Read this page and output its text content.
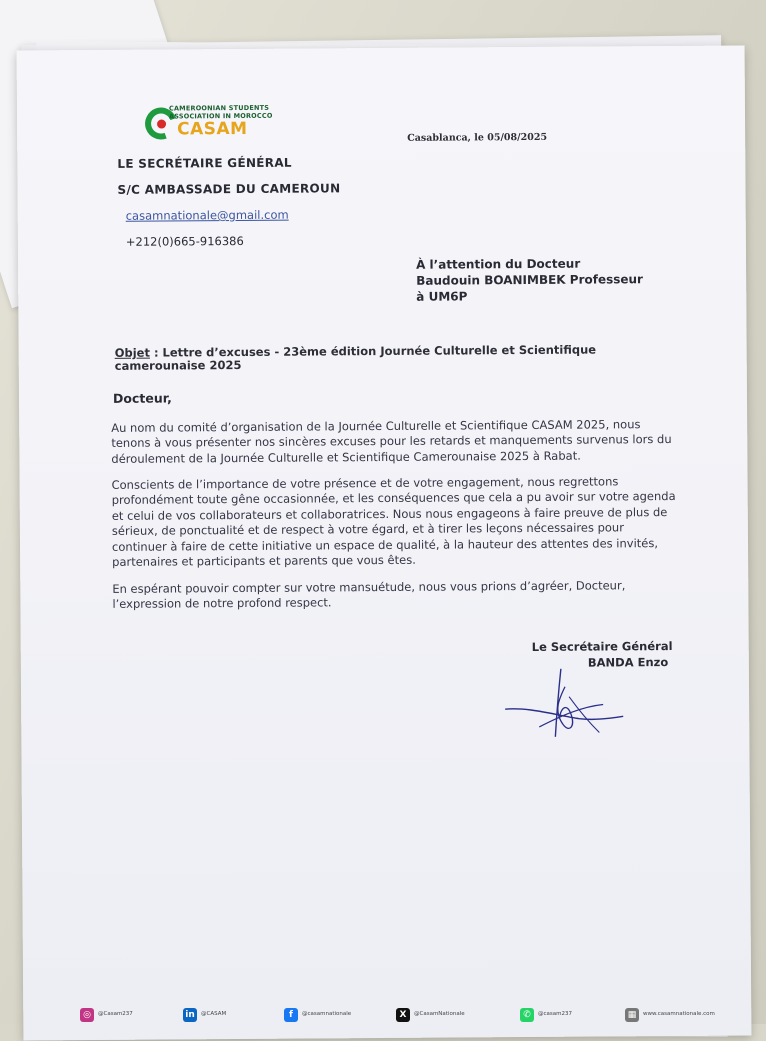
CAMEROONIAN STUDENTS
ASSOCIATION IN MOROCCO
CASAM	Casablanca, le 05/08/2025
LE SECRÉTAIRE GÉNÉRAL
S/C AMBASSADE DU CAMEROUN
casamnationale@gmail.com
+212(0)665-916386
À l’attention du Docteur
Baudouin BOANIMBEK Professeur
à UM6P
Objet : Lettre d’excuses - 23ème édition Journée Culturelle et Scientifique camerounaise 2025
Docteur,
Au nom du comité d’organisation de la Journée Culturelle et Scientifique CASAM 2025, nous tenons à vous présenter nos sincères excuses pour les retards et manquements survenus lors du déroulement de la Journée Culturelle et Scientifique Camerounaise 2025 à Rabat.
Conscients de l’importance de votre présence et de votre engagement, nous regrettons profondément toute gêne occasionnée, et les conséquences que cela a pu avoir sur votre agenda et celui de vos collaborateurs et collaboratrices. Nous nous engageons à faire preuve de plus de sérieux, de ponctualité et de respect à votre égard, et à tirer les leçons nécessaires pour continuer à faire de cette initiative un espace de qualité, à la hauteur des attentes des invités, partenaires et participants et parents que vous êtes.
En espérant pouvoir compter sur votre mansuétude, nous vous prions d’agréer, Docteur, l’expression de notre profond respect.
Le Secrétaire Général
BANDA Enzo
◎	@Casam237	in	@CASAM	f	@casamnationale	X	@CasamNationale	✆	@casam237	▦	www.casamnationale.com
